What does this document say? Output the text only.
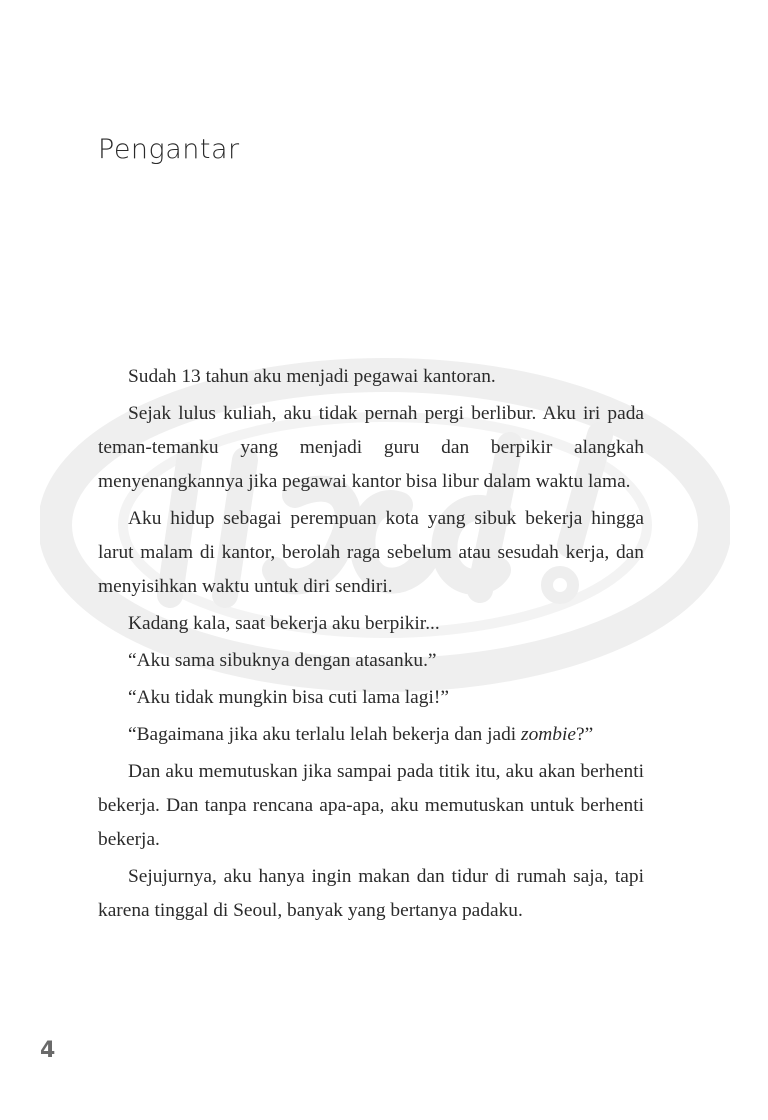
Pengantar

Sudah 13 tahun aku menjadi pegawai kantoran.

Sejak lulus kuliah, aku tidak pernah pergi berlibur. Aku iri pada teman-temanku yang menjadi guru dan berpikir alangkah menyenangkannya jika pegawai kantor bisa libur dalam waktu lama.

Aku hidup sebagai perempuan kota yang sibuk bekerja hingga larut malam di kantor, berolah raga sebelum atau sesudah kerja, dan menyisihkan waktu untuk diri sendiri.

Kadang kala, saat bekerja aku berpikir...

“Aku sama sibuknya dengan atasanku.”

“Aku tidak mungkin bisa cuti lama lagi!”

“Bagaimana jika aku terlalu lelah bekerja dan jadi zombie?”

Dan aku memutuskan jika sampai pada titik itu, aku akan berhenti bekerja. Dan tanpa rencana apa-apa, aku memutuskan untuk berhenti bekerja.

Sejujurnya, aku hanya ingin makan dan tidur di rumah saja, tapi karena tinggal di Seoul, banyak yang bertanya padaku.

4
